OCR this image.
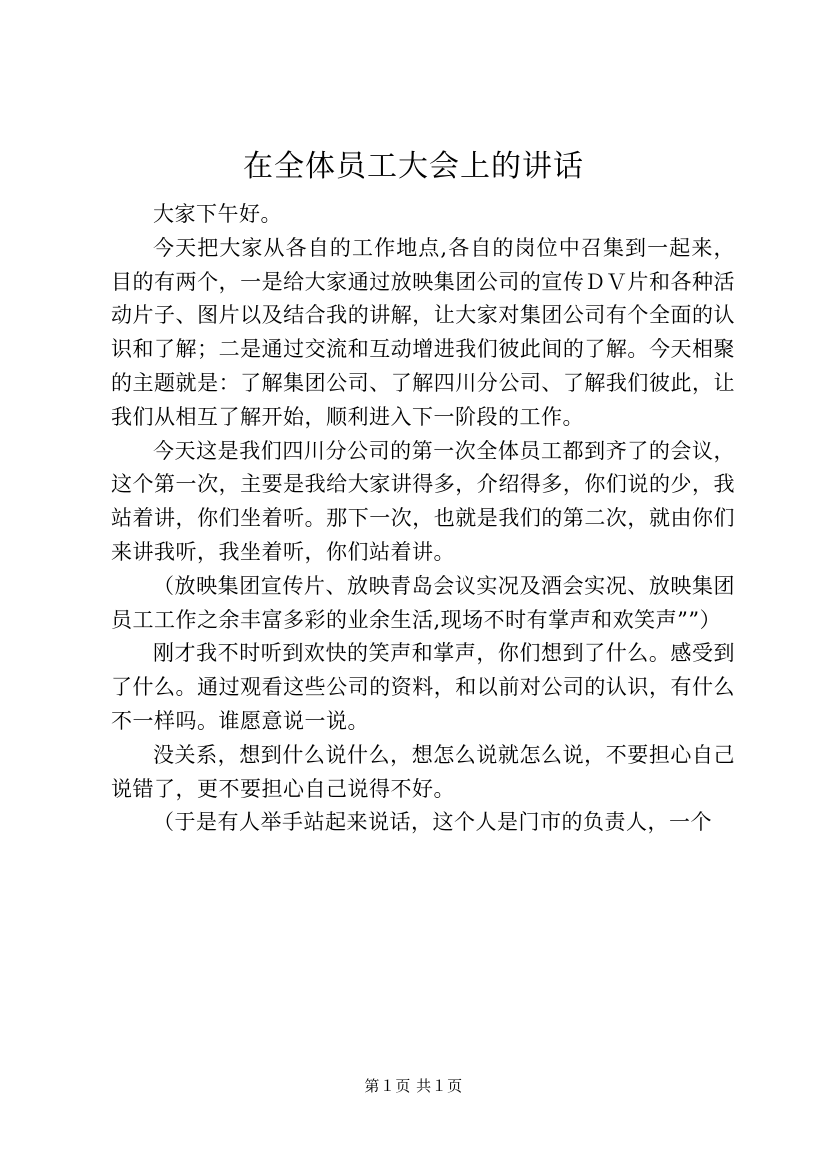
在全体员工大会上的讲话

大家下午好。

今天把大家从各自的工作地点,各自的岗位中召集到一起来，目的有两个，一是给大家通过放映集团公司的宣传ＤＶ片和各种活动片子、图片以及结合我的讲解，让大家对集团公司有个全面的认识和了解；二是通过交流和互动增进我们彼此间的了解。今天相聚的主题就是：了解集团公司、了解四川分公司、了解我们彼此，让我们从相互了解开始，顺利进入下一阶段的工作。

今天这是我们四川分公司的第一次全体员工都到齐了的会议，这个第一次，主要是我给大家讲得多，介绍得多，你们说的少，我站着讲，你们坐着听。那下一次，也就是我们的第二次，就由你们来讲我听，我坐着听，你们站着讲。

（放映集团宣传片、放映青岛会议实况及酒会实况、放映集团员工工作之余丰富多彩的业余生活,现场不时有掌声和欢笑声””）

刚才我不时听到欢快的笑声和掌声，你们想到了什么。感受到了什么。通过观看这些公司的资料，和以前对公司的认识，有什么不一样吗。谁愿意说一说。

没关系，想到什么说什么，想怎么说就怎么说，不要担心自己说错了，更不要担心自己说得不好。

（于是有人举手站起来说话，这个人是门市的负责人，一个

第１页 共１页
